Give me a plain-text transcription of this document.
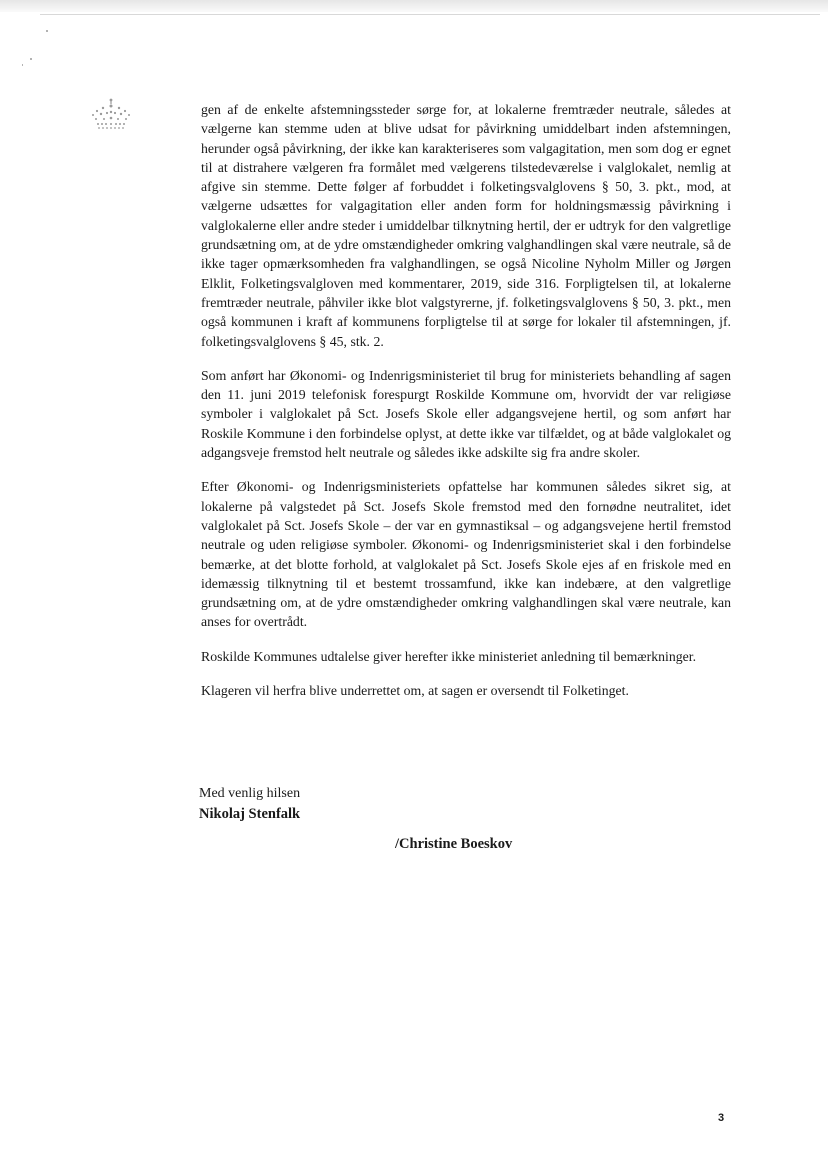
gen af de enkelte afstemningssteder sørge for, at lokalerne fremtræder neutrale, således at vælgerne kan stemme uden at blive udsat for påvirkning umiddelbart inden afstemningen, herunder også påvirkning, der ikke kan karakteriseres som valgagitation, men som dog er egnet til at distrahere vælgeren fra formålet med vælgerens tilstedeværelse i valglokalet, nemlig at afgive sin stemme. Dette følger af forbuddet i folketingsvalglovens § 50, 3. pkt., mod, at vælgerne udsættes for valgagitation eller anden form for holdningsmæssig påvirkning i valglokalerne eller andre steder i umiddelbar tilknytning hertil, der er udtryk for den valgretlige grundsætning om, at de ydre omstændigheder omkring valghandlingen skal være neutrale, så de ikke tager opmærksomheden fra valghandlingen, se også Nicoline Nyholm Miller og Jørgen Elklit, Folketingsvalgloven med kommentarer, 2019, side 316. Forpligtelsen til, at lokalerne fremtræder neutrale, påhviler ikke blot valgstyrerne, jf. folketingsvalglovens § 50, 3. pkt., men også kommunen i kraft af kommunens forpligtelse til at sørge for lokaler til afstemningen, jf. folketingsvalglovens § 45, stk. 2.

Som anført har Økonomi- og Indenrigsministeriet til brug for ministeriets behandling af sagen den 11. juni 2019 telefonisk forespurgt Roskilde Kommune om, hvorvidt der var religiøse symboler i valglokalet på Sct. Josefs Skole eller adgangsvejene hertil, og som anført har Roskile Kommune i den forbindelse oplyst, at dette ikke var tilfældet, og at både valglokalet og adgangsveje fremstod helt neutrale og således ikke adskilte sig fra andre skoler.

Efter Økonomi- og Indenrigsministeriets opfattelse har kommunen således sikret sig, at lokalerne på valgstedet på Sct. Josefs Skole fremstod med den fornødne neutralitet, idet valglokalet på Sct. Josefs Skole – der var en gymnastiksal – og adgangsvejene hertil fremstod neutrale og uden religiøse symboler. Økonomi- og Indenrigsministeriet skal i den forbindelse bemærke, at det blotte forhold, at valglokalet på Sct. Josefs Skole ejes af en friskole med en idemæssig tilknytning til et bestemt trossamfund, ikke kan indebære, at den valgretlige grundsætning om, at de ydre omstændigheder omkring valghandlingen skal være neutrale, kan anses for overtrådt.

Roskilde Kommunes udtalelse giver herefter ikke ministeriet anledning til bemærkninger.

Klageren vil herfra blive underrettet om, at sagen er oversendt til Folketinget.

Med venlig hilsen
Nikolaj Stenfalk
/Christine Boeskov
3
